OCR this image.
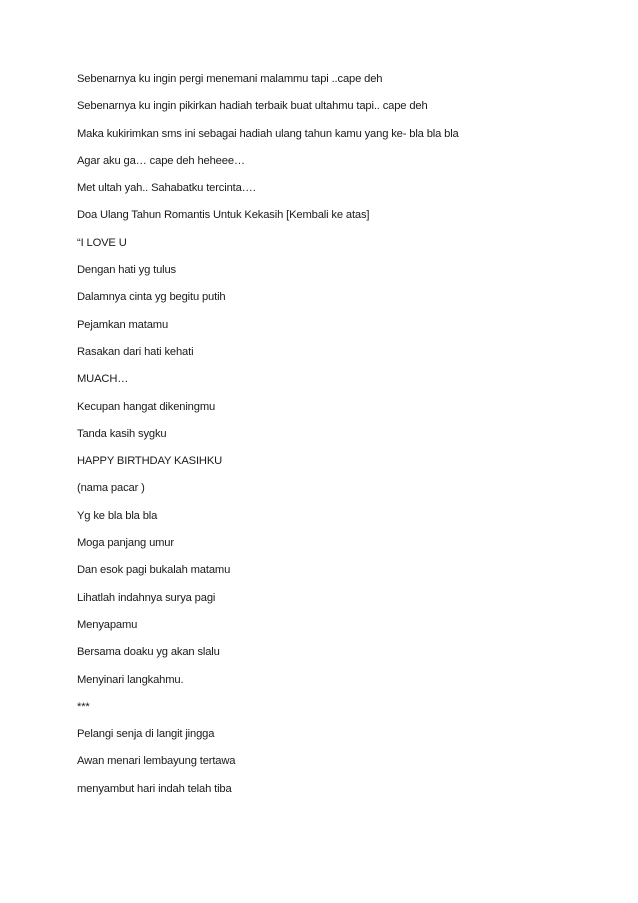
Sebenarnya ku ingin pergi menemani malammu tapi ..cape deh
Sebenarnya ku ingin pikirkan hadiah terbaik buat ultahmu tapi.. cape deh
Maka kukirimkan sms ini sebagai hadiah ulang tahun kamu yang ke- bla bla bla
Agar aku ga… cape deh heheee…
Met ultah yah.. Sahabatku tercinta….
Doa Ulang Tahun Romantis Untuk Kekasih [Kembali ke atas]
“I LOVE U
Dengan hati yg tulus
Dalamnya cinta yg begitu putih
Pejamkan matamu
Rasakan dari hati kehati
MUACH…
Kecupan hangat dikeningmu
Tanda kasih sygku
HAPPY BIRTHDAY KASIHKU
(nama pacar )
Yg ke bla bla bla
Moga panjang umur
Dan esok pagi bukalah matamu
Lihatlah indahnya surya pagi
Menyapamu
Bersama doaku yg akan slalu
Menyinari langkahmu.
***
Pelangi senja di langit jingga
Awan menari lembayung tertawa
menyambut hari indah telah tiba
